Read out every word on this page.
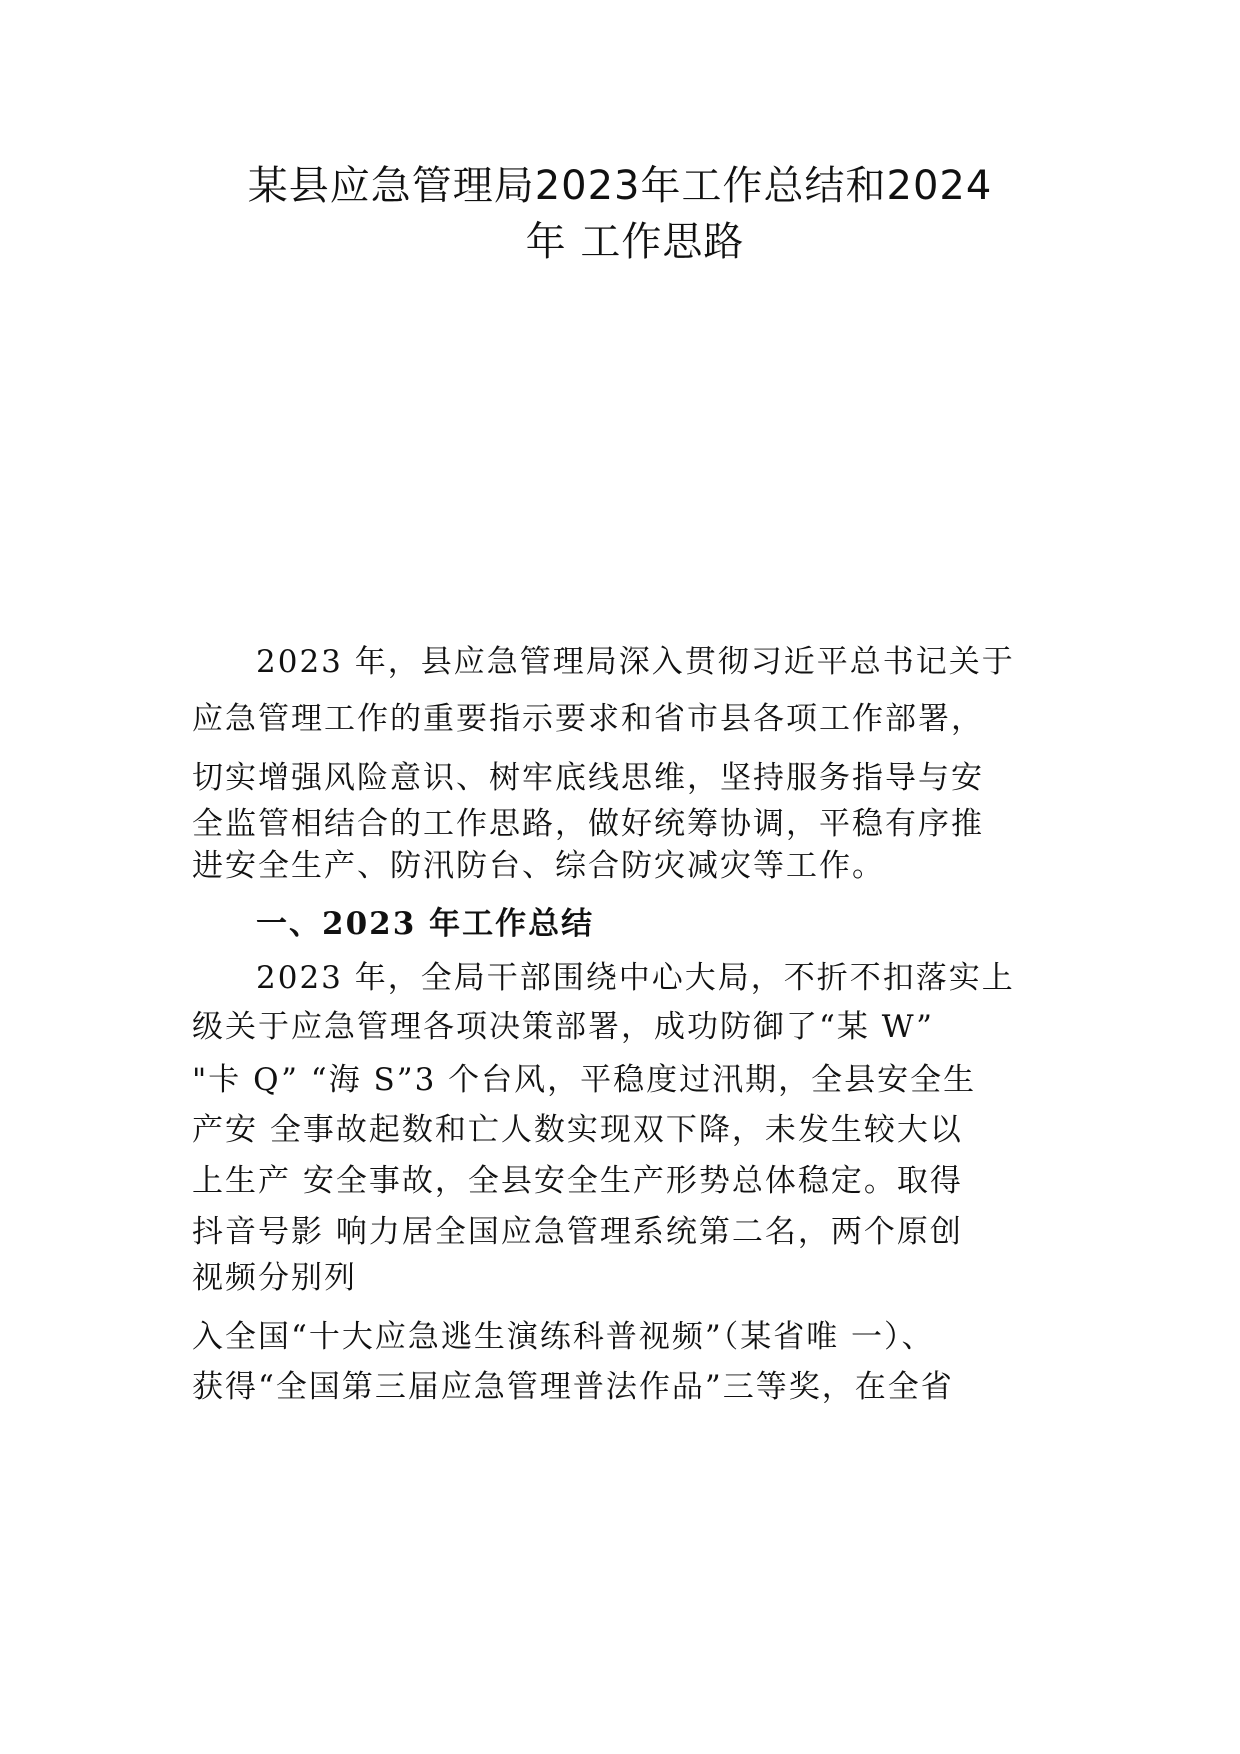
某县应急管理局2023年工作总结和2024
年 工作思路
2023 年，县应急管理局深入贯彻习近平总书记关于
应急管理工作的重要指示要求和省市县各项工作部署，
切实增强风险意识、树牢底线思维，坚持服务指导与安
全监管相结合的工作思路，做好统筹协调，平稳有序推
进安全生产、防汛防台、综合防灾减灾等工作。
一、2023 年工作总结
2023 年，全局干部围绕中心大局，不折不扣落实上
级关于应急管理各项决策部署，成功防御了“某 W”
"卡 Q” “海 S”3 个台风，平稳度过汛期，全县安全生
产安 全事故起数和亡人数实现双下降，未发生较大以
上生产 安全事故，全县安全生产形势总体稳定。取得
抖音号影 响力居全国应急管理系统第二名，两个原创
视频分别列
入全国“十大应急逃生演练科普视频”（某省唯 一）、
获得“全国第三届应急管理普法作品”三等奖，在全省
